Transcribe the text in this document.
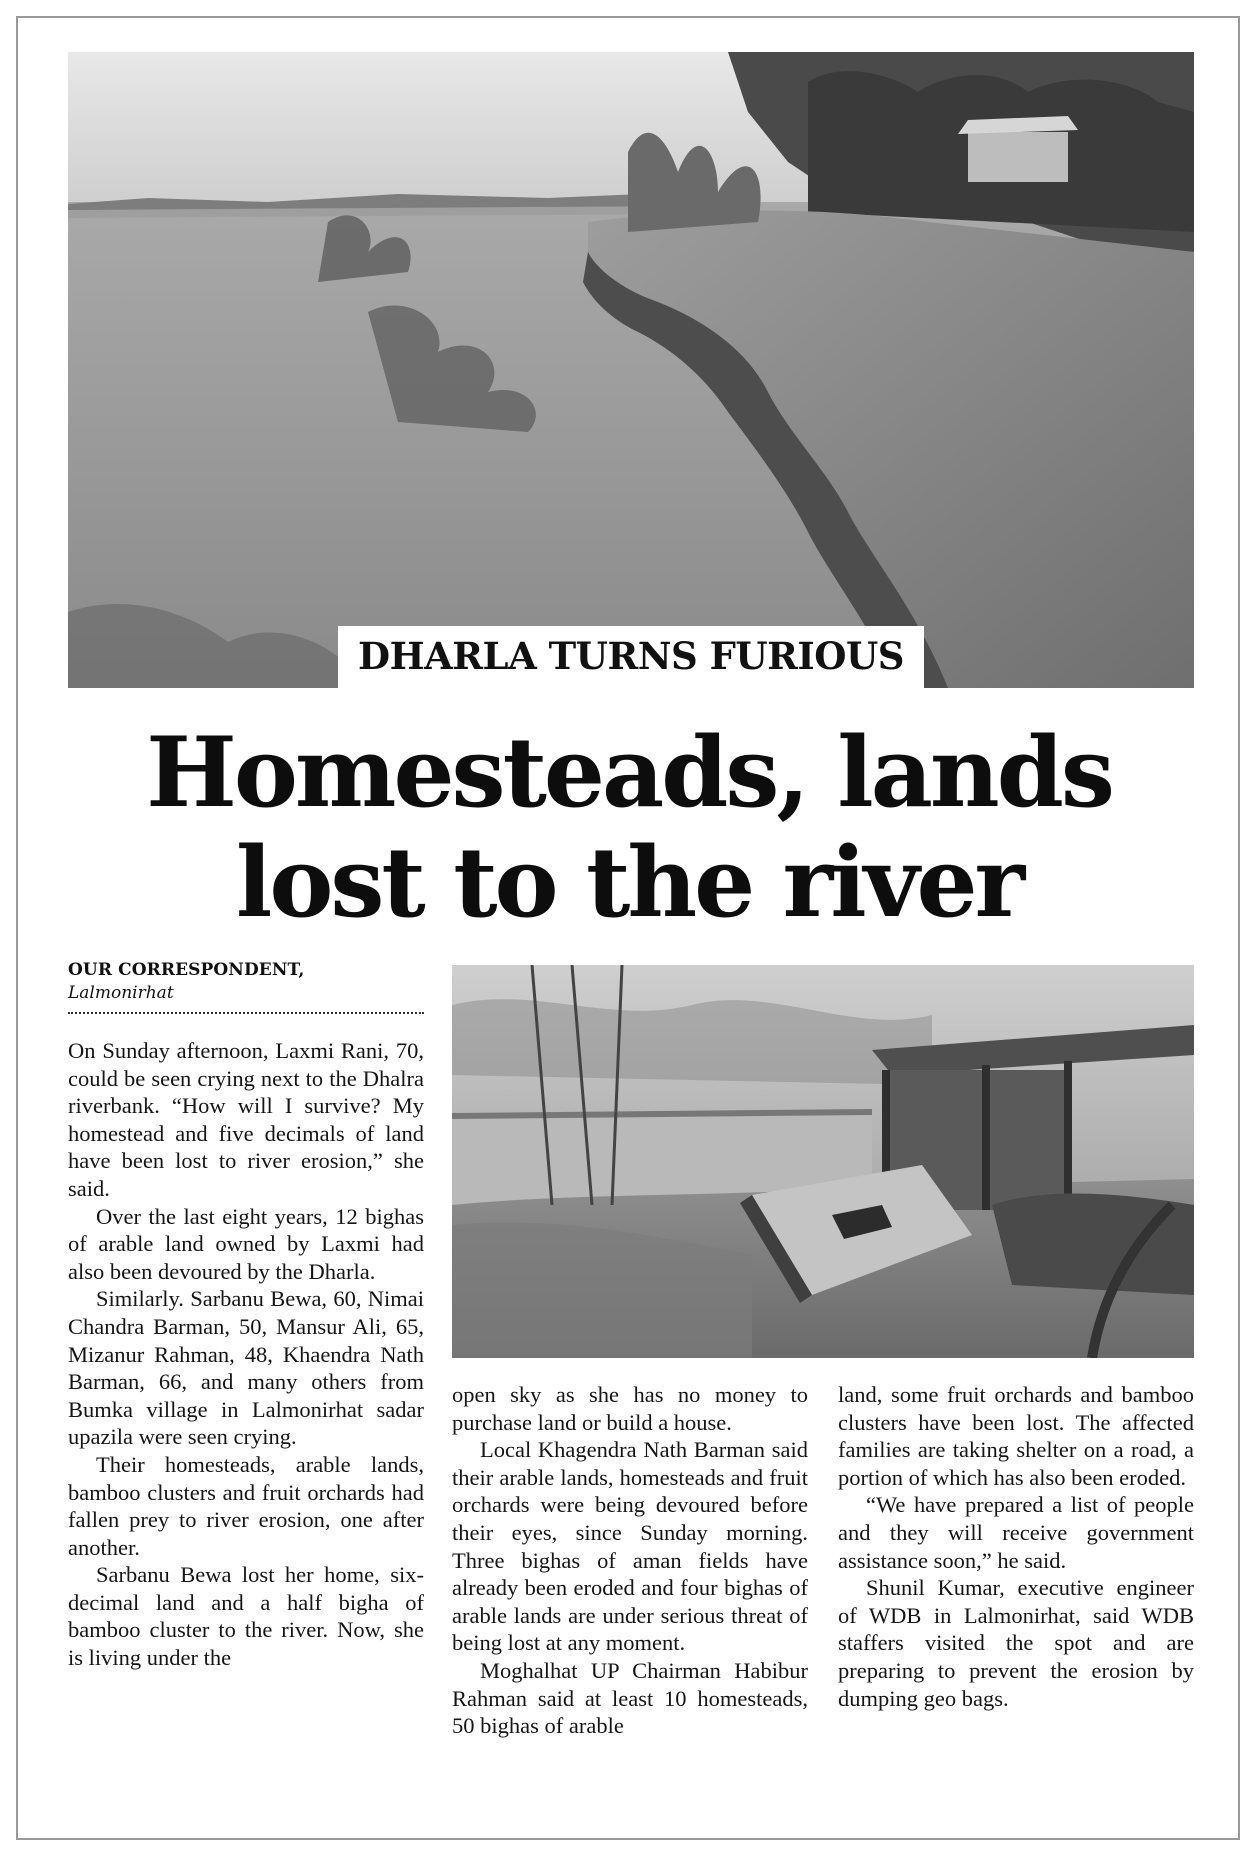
DHARLA TURNS FURIOUS
Homesteads, lands
lost to the river
OUR CORRESPONDENT,
Lalmonirhat

On Sunday afternoon, Laxmi Rani, 70, could be seen crying next to the Dhalra riverbank. “How will I survive? My homestead and five decimals of land have been lost to river erosion,” she said.

Over the last eight years, 12 bighas of arable land owned by Laxmi had also been devoured by the Dharla.

Similarly. Sarbanu Bewa, 60, Nimai Chandra Barman, 50, Mansur Ali, 65, Mizanur Rahman, 48, Khaendra Nath Barman, 66, and many others from Bumka village in Lalmonirhat sadar upazila were seen crying.

Their homesteads, arable lands, bamboo clusters and fruit orchards had fallen prey to river erosion, one after another.

Sarbanu Bewa lost her home, six-decimal land and a half bigha of bamboo cluster to the river. Now, she is living under the

open sky as she has no money to purchase land or build a house.

Local Khagendra Nath Barman said their arable lands, homesteads and fruit orchards were being devoured before their eyes, since Sunday morning. Three bighas of aman fields have already been eroded and four bighas of arable lands are under serious threat of being lost at any moment.

Moghalhat UP Chairman Habibur Rahman said at least 10 homesteads, 50 bighas of arable

land, some fruit orchards and bamboo clusters have been lost. The affected families are taking shelter on a road, a portion of which has also been eroded.

“We have prepared a list of people and they will receive government assistance soon,” he said.

Shunil Kumar, executive engineer of WDB in Lalmonirhat, said WDB staffers visited the spot and are preparing to prevent the erosion by dumping geo bags.
